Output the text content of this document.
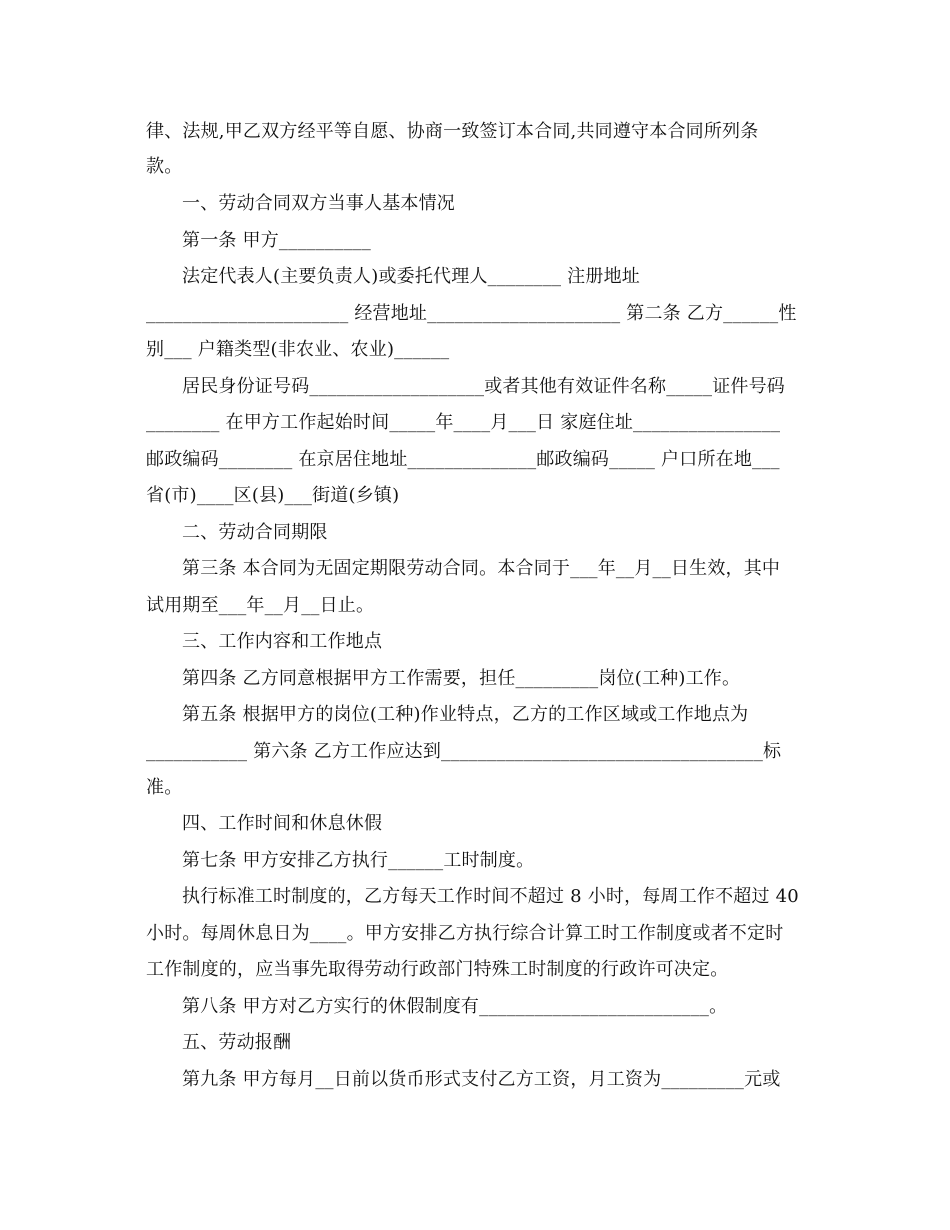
律、法规,甲乙双方经平等自愿、协商一致签订本合同,共同遵守本合同所列条
款。
一、劳动合同双方当事人基本情况
第一条 甲方__________
法定代表人(主要负责人)或委托代理人________ 注册地址
______________________ 经营地址_____________________ 第二条 乙方______性
别___ 户籍类型(非农业、农业)______
居民身份证号码___________________或者其他有效证件名称_____证件号码
________ 在甲方工作起始时间_____年____月___日 家庭住址________________
邮政编码________ 在京居住地址______________邮政编码_____ 户口所在地___
省(市)____区(县)___街道(乡镇)
二、劳动合同期限
第三条 本合同为无固定期限劳动合同。本合同于___年__月__日生效，其中
试用期至___年__月__日止。
三、工作内容和工作地点
第四条 乙方同意根据甲方工作需要，担任_________岗位(工种)工作。
第五条 根据甲方的岗位(工种)作业特点，乙方的工作区域或工作地点为
___________ 第六条 乙方工作应达到___________________________________标
准。
四、工作时间和休息休假
第七条 甲方安排乙方执行______工时制度。
执行标准工时制度的，乙方每天工作时间不超过 8 小时，每周工作不超过 40
小时。每周休息日为____。甲方安排乙方执行综合计算工时工作制度或者不定时
工作制度的，应当事先取得劳动行政部门特殊工时制度的行政许可决定。
第八条 甲方对乙方实行的休假制度有_________________________。
五、劳动报酬
第九条 甲方每月__日前以货币形式支付乙方工资，月工资为_________元或
